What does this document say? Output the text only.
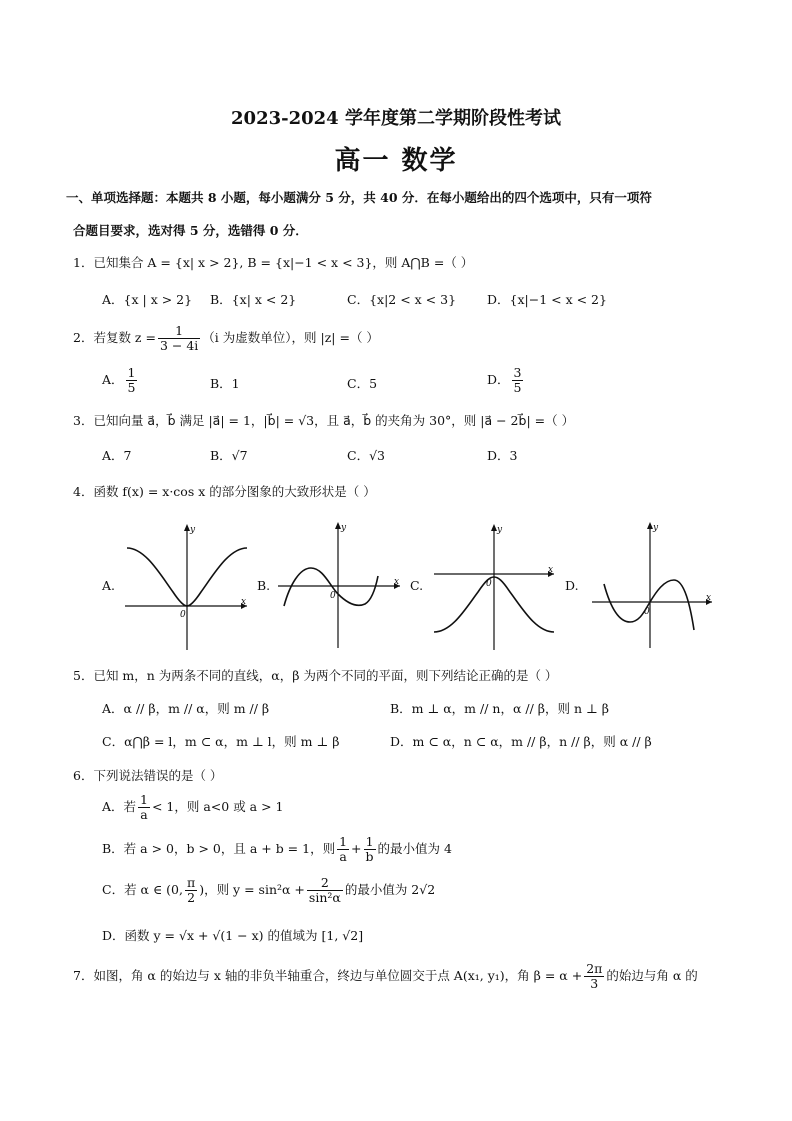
2023-2024 学年度第二学期阶段性考试
高一 数学
一、单项选择题：本题共 8 小题，每小题满分 5 分，共 40 分．在每小题给出的四个选项中，只有一项符
合题目要求，选对得 5 分，选错得 0 分．
1．已知集合 A = {x| x > 2}, B = {x|−1 < x < 3}，则 A⋂B =（ ）
A．{x | x > 2} B．{x| x < 2}	C．{x|2 < x < 3} D．{x|−1 < x < 2}
2．若复数 $z = \frac{1}{3 - 4i} (i$ 为虚数单位），则 |z| =（ ）
A． $\frac{1}{5}$	B．1	C．5	D． $\frac{3}{5}$
3．已知向量 a⃗，b⃗ 满足 |a⃗| = 1，|b⃗| = √3，且 a⃗，b⃗ 的夹角为 30°，则 |a⃗ − 2b⃗| =（ ）
A．7	B．√7	C．√3	D．3
4．函数 f(x) = x·cos x 的部分图象的大致形状是（ ）
A.	B.	C.	D.
y
x
0
y
x
0
y
x
0
y
x
0
5．已知 m，n 为两条不同的直线，α，β 为两个不同的平面，则下列结论正确的是（ ）
A．α // β，m // α，则 m // β	B．m ⊥ α，m // n，α // β，则 n ⊥ β
C．α⋂β = l，m ⊂ α，m ⊥ l，则 m ⊥ β	D．m ⊂ α，n ⊂ α，m // β，n // β，则 α // β
6．下列说法错误的是（ ）
A．若 $\frac{1}{a} < 1$，则 a<0 或 a > 1
B．若 a > 0，b > 0，且 a + b = 1，则 $\frac{1}{a} + \frac{1}{b}$ 的最小值为 4
C．若 α ∈ (0, $\frac{\pi}{2}$ )，则 $y = \sin^2\alpha + \frac{2}{\text{sin²α}}$ 的最小值为 2√2
D．函数 y = √x + √(1 − x) 的值域为 [1, √2]
7．如图，角 α 的始边与 x 轴的非负半轴重合，终边与单位圆交于点 A(x₁, y₁)，角 $\beta = \alpha + \frac{2\pi}{3}$ 的始边与角 α 的
